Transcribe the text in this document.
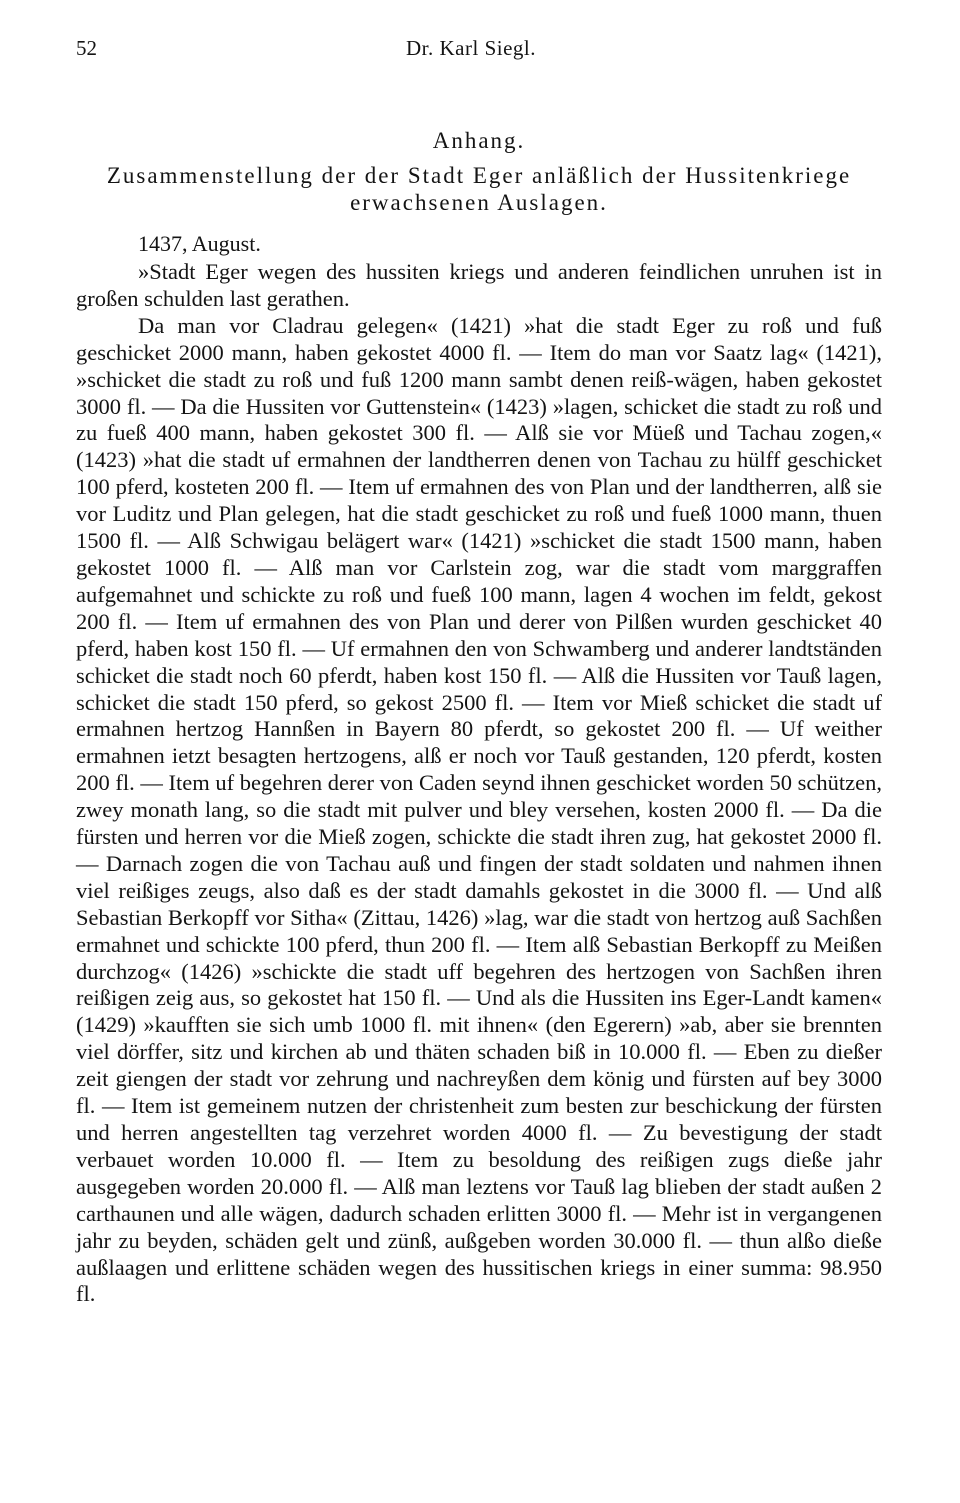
52	Dr. Karl Siegl.
Anhang.
Zusammenstellung der der Stadt Eger anläßlich der Hussitenkriege erwachsenen Auslagen.
1437, August.

»Stadt Eger wegen des hussiten kriegs und anderen feindlichen unruhen ist in großen schulden last gerathen.

Da man vor Cladrau gelegen« (1421) »hat die stadt Eger zu roß und fuß geschicket 2000 mann, haben gekostet 4000 fl. — Item do man vor Saatz lag« (1421), »schicket die stadt zu roß und fuß 1200 mann sambt denen reiß-wägen, haben gekostet 3000 fl. — Da die Hussiten vor Guttenstein« (1423) »lagen, schicket die stadt zu roß und zu fueß 400 mann, haben gekostet 300 fl. — Alß sie vor Müeß und Tachau zogen,« (1423) »hat die stadt uf ermahnen der landtherren denen von Tachau zu hülff geschicket 100 pferd, kosteten 200 fl. — Item uf ermahnen des von Plan und der landtherren, alß sie vor Luditz und Plan gelegen, hat die stadt geschicket zu roß und fueß 1000 mann, thuen 1500 fl. — Alß Schwigau belägert war« (1421) »schicket die stadt 1500 mann, haben gekostet 1000 fl. — Alß man vor Carlstein zog, war die stadt vom marggraffen aufgemahnet und schickte zu roß und fueß 100 mann, lagen 4 wochen im feldt, gekost 200 fl. — Item uf ermahnen des von Plan und derer von Pilßen wurden geschicket 40 pferd, haben kost 150 fl. — Uf ermahnen den von Schwamberg und anderer landtständen schicket die stadt noch 60 pferdt, haben kost 150 fl. — Alß die Hussiten vor Tauß lagen, schicket die stadt 150 pferd, so gekost 2500 fl. — Item vor Mieß schicket die stadt uf ermahnen hertzog Hannßen in Bayern 80 pferdt, so gekostet 200 fl. — Uf weither ermahnen ietzt besagten hertzogens, alß er noch vor Tauß gestanden, 120 pferdt, kosten 200 fl. — Item uf begehren derer von Caden seynd ihnen geschicket worden 50 schützen, zwey monath lang, so die stadt mit pulver und bley versehen, kosten 2000 fl. — Da die fürsten und herren vor die Mieß zogen, schickte die stadt ihren zug, hat gekostet 2000 fl. — Darnach zogen die von Tachau auß und fingen der stadt soldaten und nahmen ihnen viel reißiges zeugs, also daß es der stadt damahls gekostet in die 3000 fl. — Und alß Sebastian Berkopff vor Sitha« (Zittau, 1426) »lag, war die stadt von hertzog auß Sachßen ermahnet und schickte 100 pferd, thun 200 fl. — Item alß Sebastian Berkopff zu Meißen durchzog« (1426) »schickte die stadt uff begehren des hertzogen von Sachßen ihren reißigen zeig aus, so gekostet hat 150 fl. — Und als die Hussiten ins Eger-Landt kamen« (1429) »kaufften sie sich umb 1000 fl. mit ihnen« (den Egerern) »ab, aber sie brennten viel dörffer, sitz und kirchen ab und thäten schaden biß in 10.000 fl. — Eben zu dießer zeit giengen der stadt vor zehrung und nachreyßen dem könig und fürsten auf bey 3000 fl. — Item ist gemeinem nutzen der christenheit zum besten zur beschickung der fürsten und herren angestellten tag verzehret worden 4000 fl. — Zu bevestigung der stadt verbauet worden 10.000 fl. — Item zu besoldung des reißigen zugs dieße jahr ausgegeben worden 20.000 fl. — Alß man leztens vor Tauß lag blieben der stadt außen 2 carthaunen und alle wägen, dadurch schaden erlitten 3000 fl. — Mehr ist in vergangenen jahr zu beyden, schäden gelt und zünß, außgeben worden 30.000 fl. — thun alßo dieße außlaagen und erlittene schäden wegen des hussitischen kriegs in einer summa: 98.950 fl.
